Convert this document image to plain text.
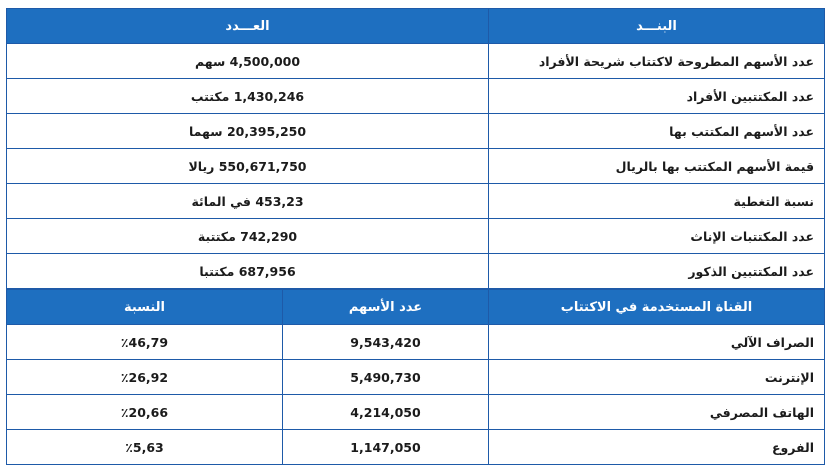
البنـــد	العـــدد
عدد الأسهم المطروحة لاكتتاب شريحة الأفراد	4,500,000 سهم
عدد المكتتبين الأفراد	1,430,246 مكتتب
عدد الأسهم المكتتب بها	20,395,250 سهما
قيمة الأسهم المكتتب بها بالريال	550,671,750 ريالا
نسبة التغطية	453,23 في المائة
عدد المكتتبات الإناث	742,290 مكتتبة
عدد المكتتبين الذكور	687,956 مكتتبا
القناة المستخدمة في الاكتتاب	عدد الأسهم	النسبة
الصراف الآلي	9,543,420	٪46,79
الإنترنت	5,490,730	٪26,92
الهاتف المصرفي	4,214,050	٪20,66
الفروع	1,147,050	٪5,63
